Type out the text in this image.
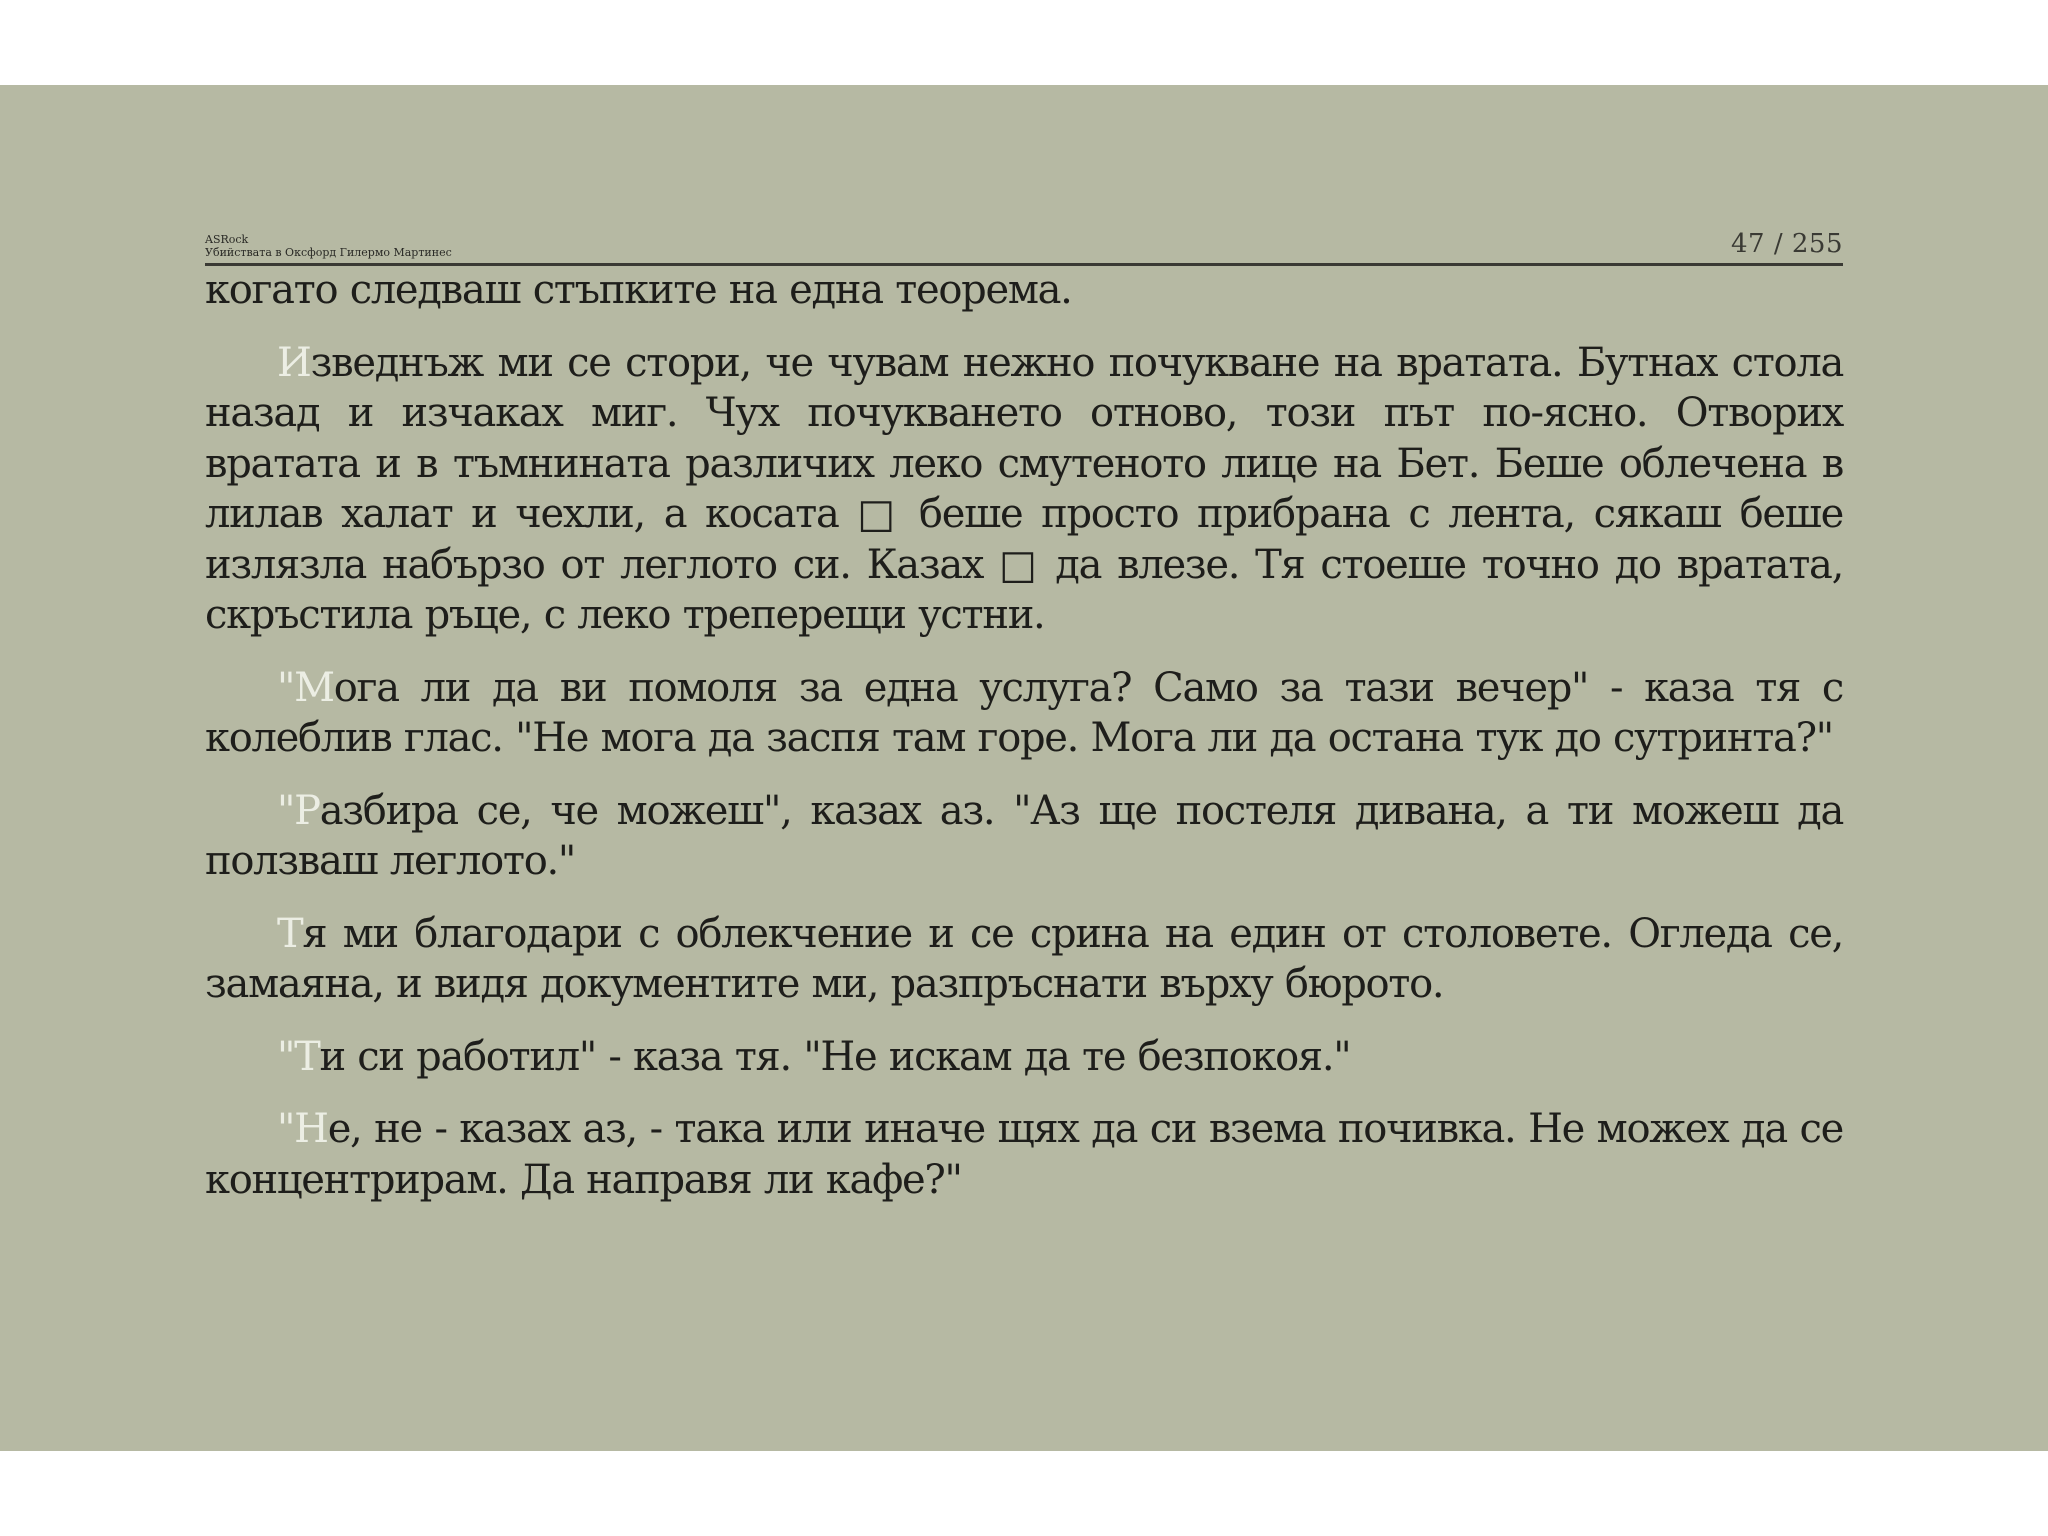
ASRock
Убийствата в Оксфорд Гилермо Мартинес	47 / 255

когато следваш стъпките на една теорема.

Изведнъж ми се стори, че чувам нежно почукване на вратата. Бутнах стола назад и изчаках миг. Чух почукването отново, този път по-ясно. Отворих вратата и в тъмнината различих леко смутеното лице на Бет. Беше облечена в лилав халат и чехли, а косата □ беше просто прибрана с лента, сякаш беше излязла набързо от леглото си. Казах □ да влезе. Тя стоеше точно до вратата, скръстила ръце, с леко треперещи устни.

"Мога ли да ви помоля за една услуга? Само за тази вечер" - каза тя с колеблив глас. "Не мога да заспя там горе. Мога ли да остана тук до сутринта?"

"Разбира се, че можеш", казах аз. "Аз ще постеля дивана, а ти можеш да ползваш леглото."

Тя ми благодари с облекчение и се срина на един от столовете. Огледа се, замаяна, и видя документите ми, разпръснати върху бюрото.

"Ти си работил" - каза тя. "Не искам да те безпокоя."

"Не, не - казах аз, - така или иначе щях да си взема почивка. Не можех да се концентрирам. Да направя ли кафе?"
